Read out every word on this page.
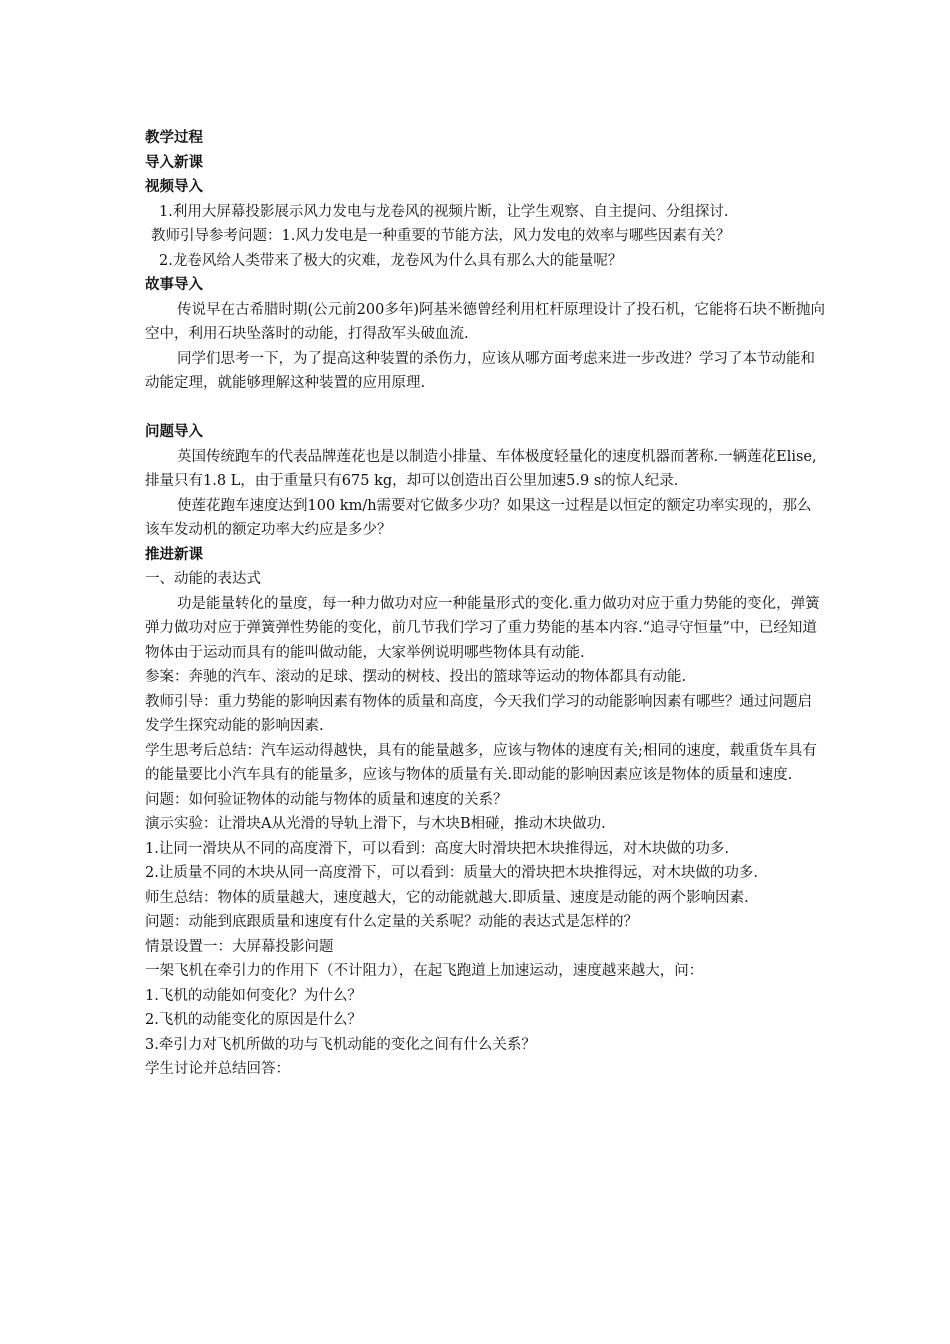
教学过程
导入新课
视频导入
1.利用大屏幕投影展示风力发电与龙卷风的视频片断，让学生观察、自主提问、分组探讨.
教师引导参考问题：1.风力发电是一种重要的节能方法，风力发电的效率与哪些因素有关？
2.龙卷风给人类带来了极大的灾难，龙卷风为什么具有那么大的能量呢？
故事导入
传说早在古希腊时期(公元前200多年)阿基米德曾经利用杠杆原理设计了投石机，它能将石块不断抛向空中，利用石块坠落时的动能，打得敌军头破血流.
同学们思考一下，为了提高这种装置的杀伤力，应该从哪方面考虑来进一步改进？学习了本节动能和动能定理，就能够理解这种装置的应用原理.
问题导入
英国传统跑车的代表品牌莲花也是以制造小排量、车体极度轻量化的速度机器而著称.一辆莲花Elise,排量只有1.8 L，由于重量只有675 kg，却可以创造出百公里加速5.9 s的惊人纪录.
使莲花跑车速度达到100 km/h需要对它做多少功？如果这一过程是以恒定的额定功率实现的，那么该车发动机的额定功率大约应是多少？
推进新课
一、动能的表达式
功是能量转化的量度，每一种力做功对应一种能量形式的变化.重力做功对应于重力势能的变化，弹簧弹力做功对应于弹簧弹性势能的变化，前几节我们学习了重力势能的基本内容.“追寻守恒量”中，已经知道物体由于运动而具有的能叫做动能，大家举例说明哪些物体具有动能.
参案：奔驰的汽车、滚动的足球、摆动的树枝、投出的篮球等运动的物体都具有动能.
教师引导：重力势能的影响因素有物体的质量和高度，今天我们学习的动能影响因素有哪些？通过问题启发学生探究动能的影响因素.
学生思考后总结：汽车运动得越快，具有的能量越多，应该与物体的速度有关;相同的速度，载重货车具有的能量要比小汽车具有的能量多，应该与物体的质量有关.即动能的影响因素应该是物体的质量和速度.
问题：如何验证物体的动能与物体的质量和速度的关系？
演示实验：让滑块A从光滑的导轨上滑下，与木块B相碰，推动木块做功.
1.让同一滑块从不同的高度滑下，可以看到：高度大时滑块把木块推得远，对木块做的功多.
2.让质量不同的木块从同一高度滑下，可以看到：质量大的滑块把木块推得远，对木块做的功多.
师生总结：物体的质量越大，速度越大，它的动能就越大.即质量、速度是动能的两个影响因素.
问题：动能到底跟质量和速度有什么定量的关系呢？动能的表达式是怎样的？
情景设置一：大屏幕投影问题
一架飞机在牵引力的作用下（不计阻力），在起飞跑道上加速运动，速度越来越大，问：
1.飞机的动能如何变化？为什么？
2.飞机的动能变化的原因是什么？
3.牵引力对飞机所做的功与飞机动能的变化之间有什么关系？
学生讨论并总结回答：
